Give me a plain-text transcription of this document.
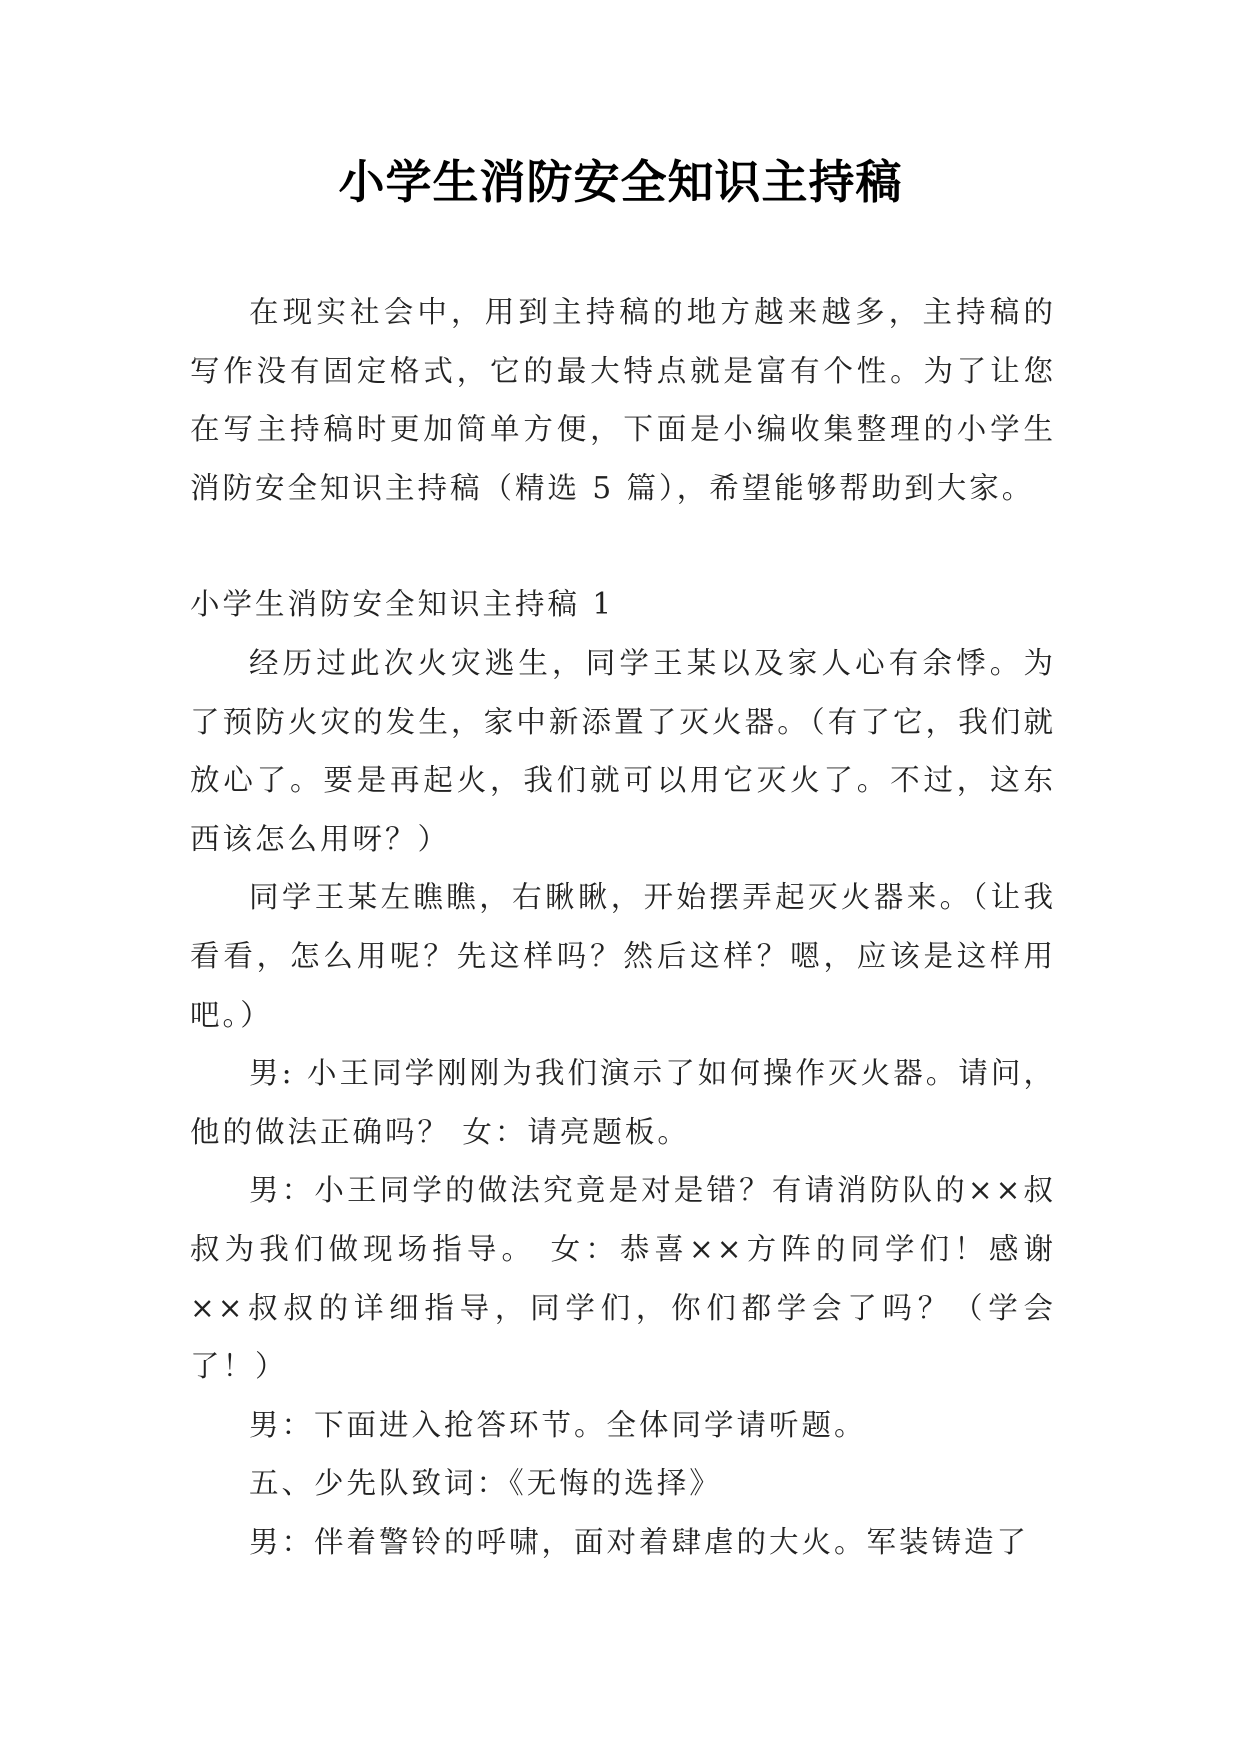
小学生消防安全知识主持稿

在现实社会中，用到主持稿的地方越来越多，主持稿的写作没有固定格式，它的最大特点就是富有个性。为了让您在写主持稿时更加简单方便，下面是小编收集整理的小学生消防安全知识主持稿（精选 5 篇），希望能够帮助到大家。

小学生消防安全知识主持稿 1

经历过此次火灾逃生，同学王某以及家人心有余悸。为了预防火灾的发生，家中新添置了灭火器。（有了它，我们就放心了。要是再起火，我们就可以用它灭火了。不过，这东西该怎么用呀？）

同学王某左瞧瞧，右瞅瞅，开始摆弄起灭火器来。（让我看看，怎么用呢？先这样吗？然后这样？嗯，应该是这样用吧。）

男: 小王同学刚刚为我们演示了如何操作灭火器。请问，他的做法正确吗？ 女：请亮题板。

男：小王同学的做法究竟是对是错？有请消防队的××叔叔为我们做现场指导。 女：恭喜××方阵的同学们！感谢××叔叔的详细指导，同学们，你们都学会了吗？（学会了！）

男：下面进入抢答环节。全体同学请听题。

五、少先队致词：《无悔的选择》

男：伴着警铃的呼啸，面对着肆虐的大火。军装铸造了
